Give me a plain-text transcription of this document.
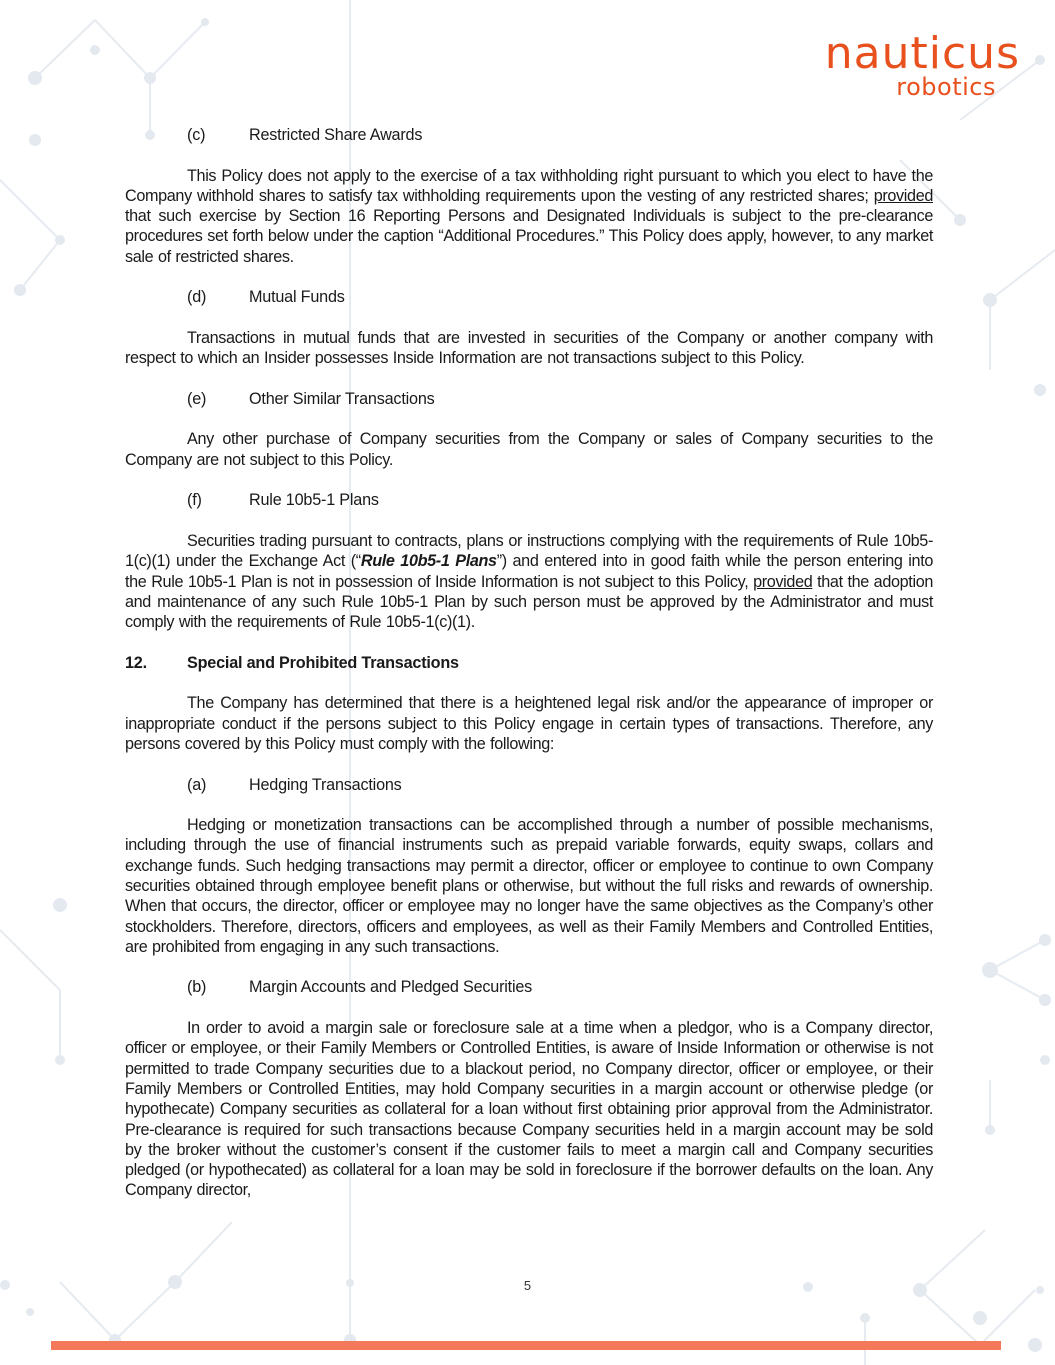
nauticus
robotics
(c)	Restricted Share Awards

This Policy does not apply to the exercise of a tax withholding right pursuant to which you elect to have the Company withhold shares to satisfy tax withholding requirements upon the vesting of any restricted shares; provided that such exercise by Section 16 Reporting Persons and Designated Individuals is subject to the pre-clearance procedures set forth below under the caption “Additional Procedures.” This Policy does apply, however, to any market sale of restricted shares.

(d)	Mutual Funds

Transactions in mutual funds that are invested in securities of the Company or another company with respect to which an Insider possesses Inside Information are not transactions subject to this Policy.

(e)	Other Similar Transactions

Any other purchase of Company securities from the Company or sales of Company securities to the Company are not subject to this Policy.

(f)	Rule 10b5-1 Plans

Securities trading pursuant to contracts, plans or instructions complying with the requirements of Rule 10b5-1(c)(1) under the Exchange Act (“Rule 10b5-1 Plans”) and entered into in good faith while the person entering into the Rule 10b5-1 Plan is not in possession of Inside Information is not subject to this Policy, provided that the adoption and maintenance of any such Rule 10b5-1 Plan by such person must be approved by the Administrator and must comply with the requirements of Rule 10b5-1(c)(1).

12.	Special and Prohibited Transactions

The Company has determined that there is a heightened legal risk and/or the appearance of improper or inappropriate conduct if the persons subject to this Policy engage in certain types of transactions. Therefore, any persons covered by this Policy must comply with the following:

(a)	Hedging Transactions

Hedging or monetization transactions can be accomplished through a number of possible mechanisms, including through the use of financial instruments such as prepaid variable forwards, equity swaps, collars and exchange funds. Such hedging transactions may permit a director, officer or employee to continue to own Company securities obtained through employee benefit plans or otherwise, but without the full risks and rewards of ownership. When that occurs, the director, officer or employee may no longer have the same objectives as the Company’s other stockholders. Therefore, directors, officers and employees, as well as their Family Members and Controlled Entities, are prohibited from engaging in any such transactions.

(b)	Margin Accounts and Pledged Securities

In order to avoid a margin sale or foreclosure sale at a time when a pledgor, who is a Company director, officer or employee, or their Family Members or Controlled Entities, is aware of Inside Information or otherwise is not permitted to trade Company securities due to a blackout period, no Company director, officer or employee, or their Family Members or Controlled Entities, may hold Company securities in a margin account or otherwise pledge (or hypothecate) Company securities as collateral for a loan without first obtaining prior approval from the Administrator. Pre-clearance is required for such transactions because Company securities held in a margin account may be sold by the broker without the customer’s consent if the customer fails to meet a margin call and Company securities pledged (or hypothecated) as collateral for a loan may be sold in foreclosure if the borrower defaults on the loan. Any Company director,

5
